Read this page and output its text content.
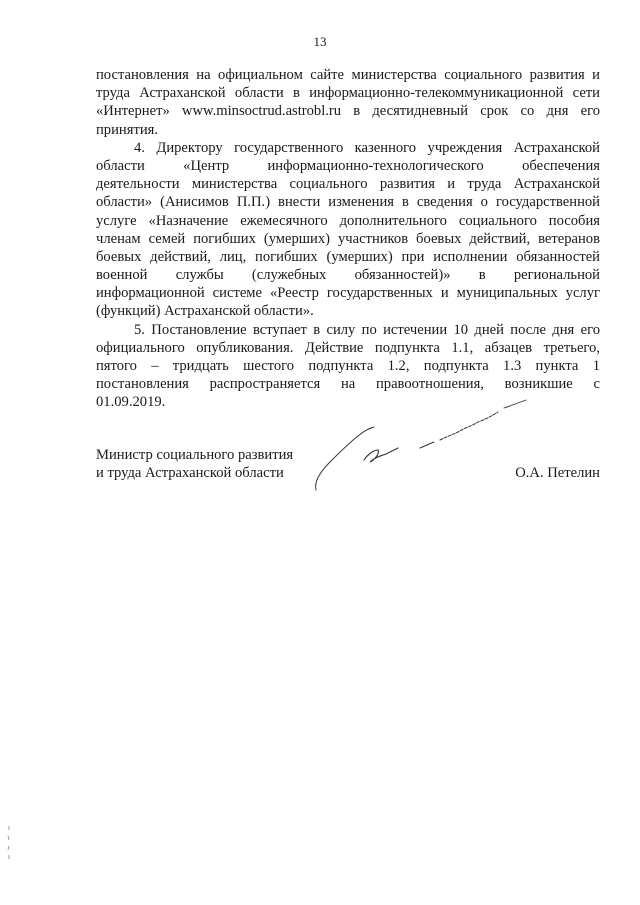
13

постановления на официальном сайте министерства социального развития и
труда Астраханской области в информационно-телекоммуникационной сети
«Интернет» www.minsoctrud.astrobl.ru в десятидневный срок со дня его
принятия.

4. Директору государственного казенного учреждения Астраханской
области «Центр информационно-технологического обеспечения
деятельности министерства социального развития и труда Астраханской
области» (Анисимов П.П.) внести изменения в сведения о государственной
услуге «Назначение ежемесячного дополнительного социального пособия
членам семей погибших (умерших) участников боевых действий, ветеранов
боевых действий, лиц, погибших (умерших) при исполнении обязанностей
военной службы (служебных обязанностей)» в региональной
информационной системе «Реестр государственных и муниципальных услуг
(функций) Астраханской области».

5. Постановление вступает в силу по истечении 10 дней после дня его
официального опубликования. Действие подпункта 1.1, абзацев третьего,
пятого – тридцать шестого подпункта 1.2, подпункта 1.3 пункта 1
постановления распространяется на правоотношения, возникшие с
01.09.2019.

Министр социального развития
и труда Астраханской области	О.А. Петелин
